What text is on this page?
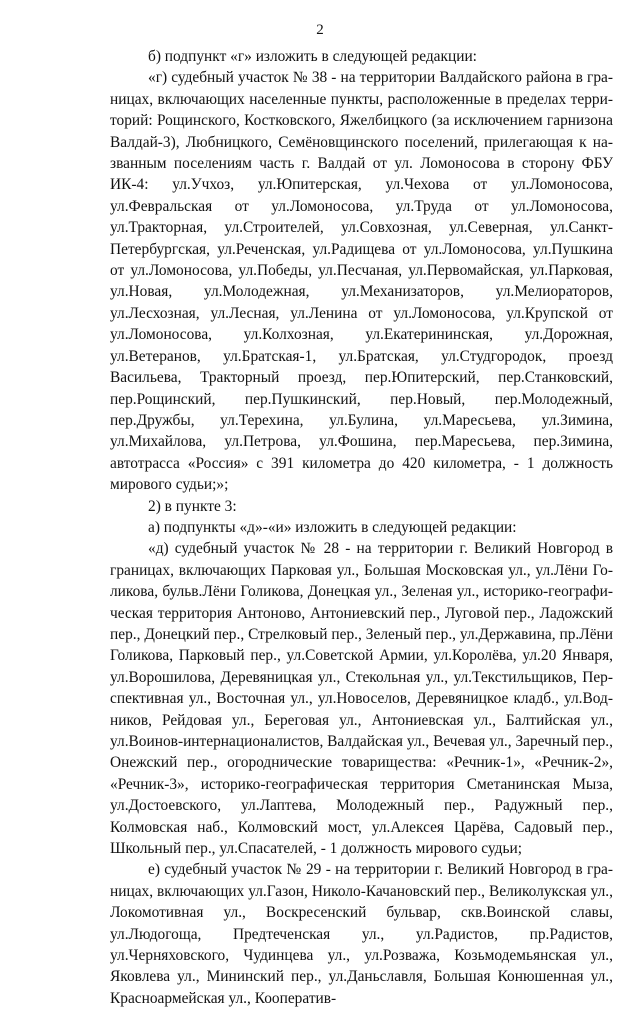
2

б) подпункт «г» изложить в следующей редакции:

«г) судебный участок № 38 - на территории Валдайского района в границах, включающих населенные пункты, расположенные в пределах территорий: Рощинского, Костковского, Яжелбицкого (за исключением гарнизона Валдай-3), Любницкого, Семёновщинского поселений, прилегающая к названным поселениям часть г. Валдай от ул. Ломоносова в сторону ФБУ ИК-4: ул.Учхоз, ул.Юпитерская, ул.Чехова от ул.Ломоносова, ул.Февральская от ул.Ломоносова, ул.Труда от ул.Ломоносова, ул.Тракторная, ул.Строителей, ул.Совхозная, ул.Северная, ул.Санкт-Петербургская, ул.Реченская, ул.Радищева от ул.Ломоносова, ул.Пушкина от ул.Ломоносова, ул.Победы, ул.Песчаная, ул.Первомайская, ул.Парковая, ул.Новая, ул.Молодежная, ул.Механизаторов, ул.Мелиораторов, ул.Лесхозная, ул.Лесная, ул.Ленина от ул.Ломоносова, ул.Крупской от ул.Ломоносова, ул.Колхозная, ул.Екатерининская, ул.Дорожная, ул.Ветеранов, ул.Братская-1, ул.Братская, ул.Студгородок, проезд Васильева, Тракторный проезд, пер.Юпитерский, пер.Станковский, пер.Рощинский, пер.Пушкинский, пер.Новый, пер.Молодежный, пер.Дружбы, ул.Терехина, ул.Булина, ул.Маресьева, ул.Зимина, ул.Михайлова, ул.Петрова, ул.Фошина, пер.Маресьева, пер.Зимина, автотрасса «Россия» с 391 километра до 420 километра, - 1 должность мирового судьи;»;

2) в пункте 3:

а) подпункты «д»-«и» изложить в следующей редакции:

«д) судебный участок № 28 - на территории г. Великий Новгород в границах, включающих Парковая ул., Большая Московская ул., ул.Лёни Голикова, бульв.Лёни Голикова, Донецкая ул., Зеленая ул., историко-географическая территория Антоново, Антониевский пер., Луговой пер., Ладожский пер., Донецкий пер., Стрелковый пер., Зеленый пер., ул.Державина, пр.Лёни Голикова, Парковый пер., ул.Советской Армии, ул.Королёва, ул.20 Января, ул.Ворошилова, Деревяницкая ул., Стекольная ул., ул.Текстильщиков, Перспективная ул., Восточная ул., ул.Новоселов, Деревяницкое кладб., ул.Водников, Рейдовая ул., Береговая ул., Антониевская ул., Балтийская ул., ул.Воинов-интернационалистов, Валдайская ул., Вечевая ул., Заречный пер., Онежский пер., огороднические товарищества: «Речник-1», «Речник-2», «Речник-3», историко-географическая территория Сметанинская Мыза, ул.Достоевского, ул.Лаптева, Молодежный пер., Радужный пер., Колмовская наб., Колмовский мост, ул.Алексея Царёва, Садовый пер., Школьный пер., ул.Спасателей, - 1 должность мирового судьи;

е) судебный участок № 29 - на территории г. Великий Новгород в границах, включающих ул.Газон, Николо-Качановский пер., Великолукская ул., Локомотивная ул., Воскресенский бульвар, скв.Воинской славы, ул.Людогоща, Предтеченская ул., ул.Радистов, пр.Радистов, ул.Черняховского, Чудинцева ул., ул.Розважа, Козьмодемьянская ул., Яковлева ул., Мининский пер., ул.Даньславля, Большая Конюшенная ул., Красноармейская ул., Кооператив-
